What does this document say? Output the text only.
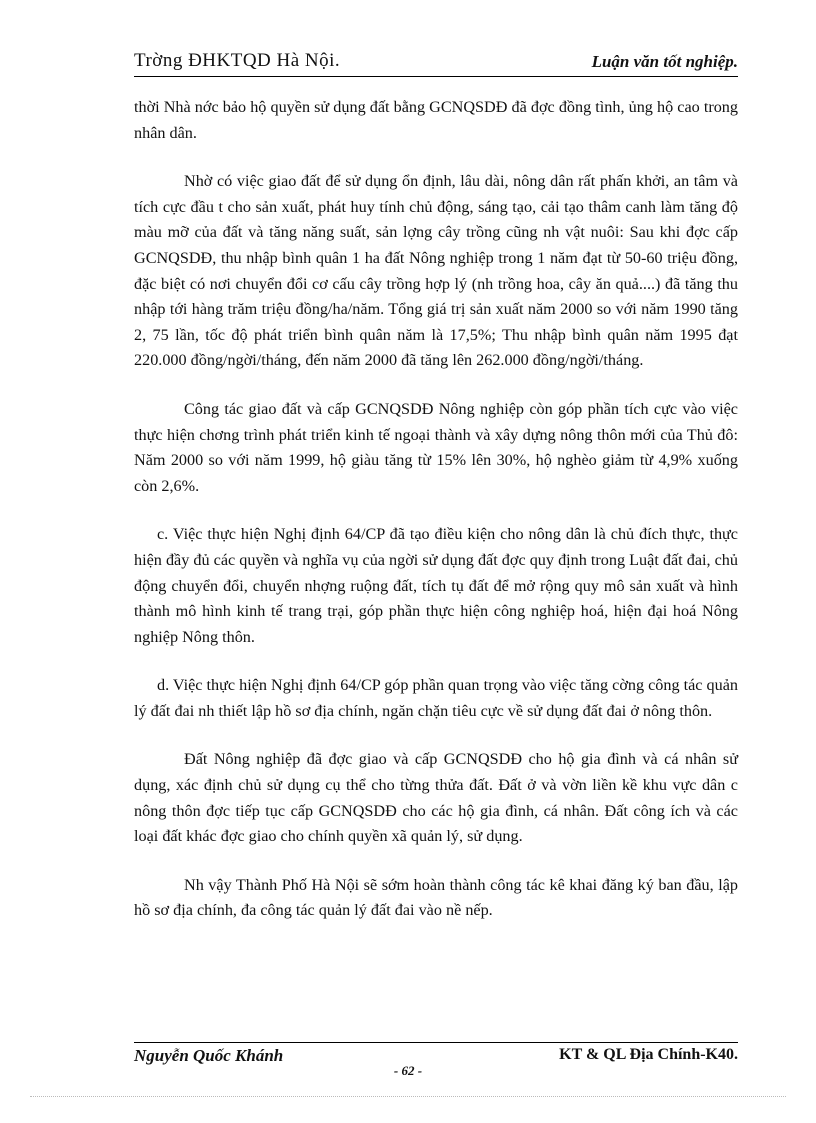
Trờng ĐHKTQD Hà Nội.	Luận văn tốt nghiệp.

thời Nhà nớc bảo hộ quyền sử dụng đất bằng GCNQSDĐ đã đợc đồng tình, ủng hộ cao trong nhân dân.

Nhờ có việc giao đất để sử dụng ổn định, lâu dài, nông dân rất phấn khởi, an tâm và tích cực đầu t cho sản xuất, phát huy tính chủ động, sáng tạo, cải tạo thâm canh làm tăng độ màu mỡ của đất và tăng năng suất, sản lợng cây trồng cũng nh vật nuôi: Sau khi đợc cấp GCNQSDĐ, thu nhập bình quân 1 ha đất Nông nghiệp trong 1 năm đạt từ 50-60 triệu đồng, đặc biệt có nơi chuyển đổi cơ cấu cây trồng hợp lý (nh trồng hoa, cây ăn quả....) đã tăng thu nhập tới hàng trăm triệu đồng/ha/năm. Tổng giá trị sản xuất năm 2000 so với năm 1990 tăng 2, 75 lần, tốc độ phát triển bình quân năm là 17,5%; Thu nhập bình quân năm 1995 đạt 220.000 đồng/ngời/tháng, đến năm 2000 đã tăng lên 262.000 đồng/ngời/tháng.

Công tác giao đất và cấp GCNQSDĐ Nông nghiệp còn góp phần tích cực vào việc thực hiện chơng trình phát triển kinh tế ngoại thành và xây dựng nông thôn mới của Thủ đô: Năm 2000 so với năm 1999, hộ giàu tăng từ 15% lên 30%, hộ nghèo giảm từ 4,9% xuống còn 2,6%.

c. Việc thực hiện Nghị định 64/CP đã tạo điều kiện cho nông dân là chủ đích thực, thực hiện đầy đủ các quyền và nghĩa vụ của ngời sử dụng đất đợc quy định trong Luật đất đai, chủ động chuyển đổi, chuyển nhợng ruộng đất, tích tụ đất để mở rộng quy mô sản xuất và hình thành mô hình kinh tế trang trại, góp phần thực hiện công nghiệp hoá, hiện đại hoá Nông nghiệp Nông thôn.

d. Việc thực hiện Nghị định 64/CP góp phần quan trọng vào việc tăng cờng công tác quản lý đất đai nh thiết lập hồ sơ địa chính, ngăn chặn tiêu cực về sử dụng đất đai ở nông thôn.

Đất Nông nghiệp đã đợc giao và cấp GCNQSDĐ cho hộ gia đình và cá nhân sử dụng, xác định chủ sử dụng cụ thể cho từng thửa đất. Đất ở và vờn liền kề khu vực dân c nông thôn đợc tiếp tục cấp GCNQSDĐ cho các hộ gia đình, cá nhân. Đất công ích và các loại đất khác đợc giao cho chính quyền xã quản lý, sử dụng.

Nh vậy Thành Phố Hà Nội sẽ sớm hoàn thành công tác kê khai đăng ký ban đầu, lập hồ sơ địa chính, đa công tác quản lý đất đai vào nề nếp.

Nguyễn Quốc Khánh	KT & QL Địa Chính-K40.
- 62 -
